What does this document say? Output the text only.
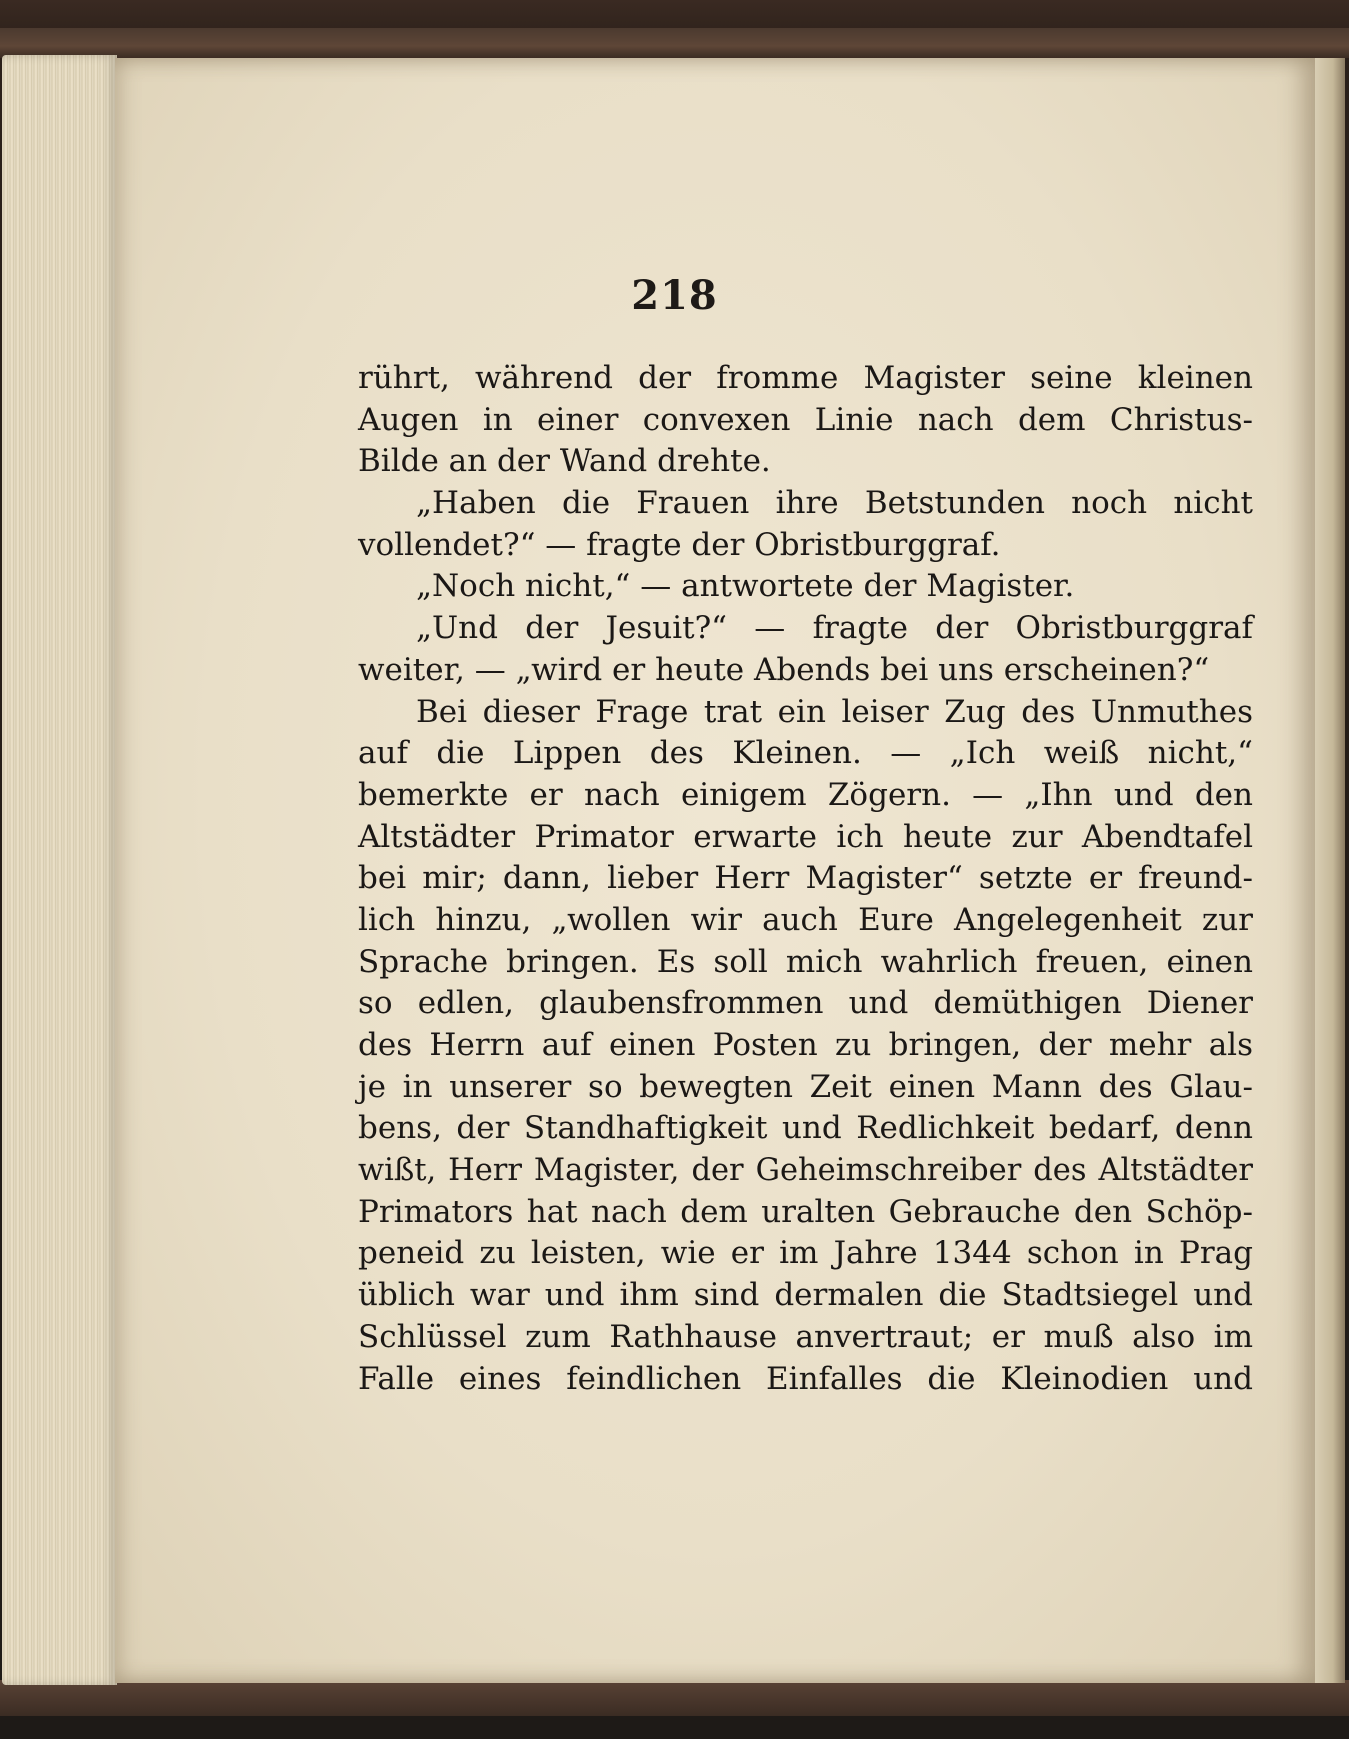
218
rührt, während der fromme Magister seine kleinen
Augen in einer convexen Linie nach dem Christus-
Bilde an der Wand drehte.
„Haben die Frauen ihre Betstunden noch nicht
vollendet?“ — fragte der Obristburggraf.
„Noch nicht,“ — antwortete der Magister.
„Und der Jesuit?“ — fragte der Obristburggraf
weiter, — „wird er heute Abends bei uns erscheinen?“
Bei dieser Frage trat ein leiser Zug des Unmuthes
auf die Lippen des Kleinen. — „Ich weiß nicht,“
bemerkte er nach einigem Zögern. — „Ihn und den
Altstädter Primator erwarte ich heute zur Abendtafel
bei mir; dann, lieber Herr Magister“ setzte er freund-
lich hinzu, „wollen wir auch Eure Angelegenheit zur
Sprache bringen. Es soll mich wahrlich freuen, einen
so edlen, glaubensfrommen und demüthigen Diener
des Herrn auf einen Posten zu bringen, der mehr als
je in unserer so bewegten Zeit einen Mann des Glau-
bens, der Standhaftigkeit und Redlichkeit bedarf, denn
wißt, Herr Magister, der Geheimschreiber des Altstädter
Primators hat nach dem uralten Gebrauche den Schöp-
peneid zu leisten, wie er im Jahre 1344 schon in Prag
üblich war und ihm sind dermalen die Stadtsiegel und
Schlüssel zum Rathhause anvertraut; er muß also im
Falle eines feindlichen Einfalles die Kleinodien und
